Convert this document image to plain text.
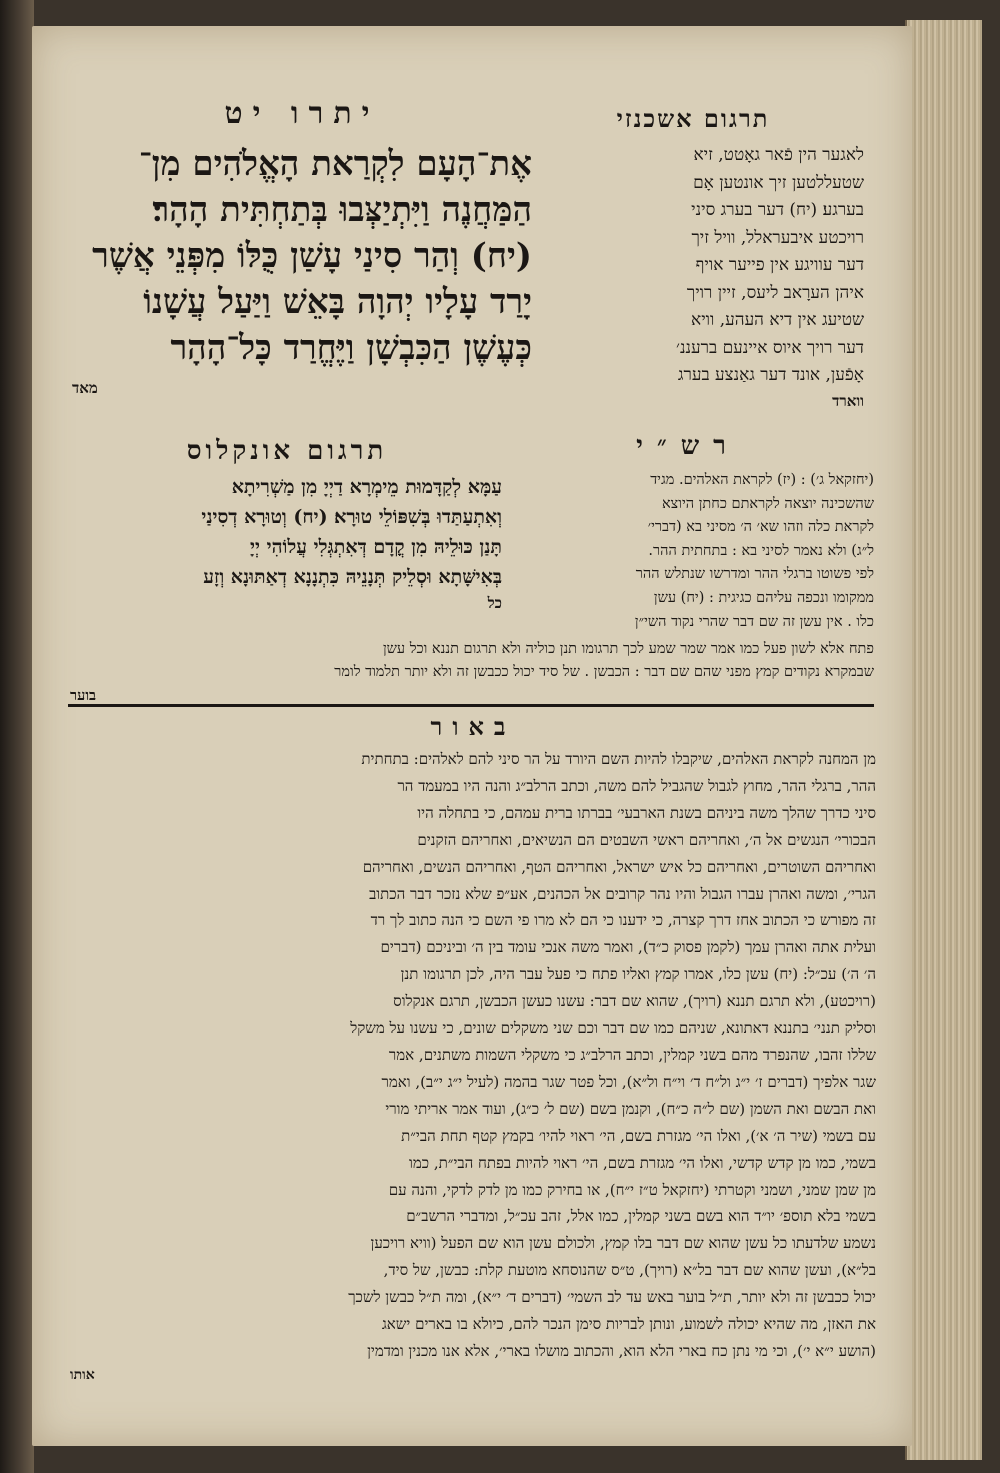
יתרו יט
אֶת־הָעָם לִקְרַאת הָאֱלֹהִים מִן־
הַמַּחֲנֶה וַיִּתְיַצְּבוּ בְּתַחְתִּית הָהָר׃
(יח) וְהַר סִינַי עָשַׁן כֻּלּוֹ מִפְּנֵי אֲשֶׁר
יָרַד עָלָיו יְהוָה בָּאֵשׁ וַיַּעַל עֲשָׁנוֹ
כְּעֶשֶׁן הַכִּבְשָׁן וַיֶּחֱרַד כָּל־הָהָר
מאד
תרגום אשכנזי
לאגער הין פֿאר גאָטט, זיא
שטעללטען זיך אונטען אָם
בערגע׃ (יח) דער בערג סיני
רויכטע איבעראלל, וויל זיך
דער עוויגע אין פייער אויף
איהן הערָאב ליעס, זיין רויך
שטיעג אין דיא העהע, וויא
דער רויך איוס איינעם ברעננ׳
אָפֿען, אונד דער גאַנצע בערג
ווארד
תרגום אונקלוס
עַמָּא לְקַדָּמוּת מֵימְרָא דַיְיָ מִן מַשְׁרִיתָא
וְאִתְעַתַּדוּ בְּשִׁפּוֹלֵי טוּרָא׃ (יח) וְטוּרָא דְסִינַי
תָּנַן כּוּלֵיהּ מִן קֳדָם דְּאִתְגְּלִי עֲלוֹהִי יְיָ
בְּאִישָּׁתָא וּסְלֵיק תְּנָנֵיהּ כִּתְנָנָא דְאַתּוּנָא וְזָע
כל
רש״י
(יחזקאל ג׳) : (יז) לקראת האלהים. מגיד
שהשכינה יוצאה לקראתם כחתן היוצא
לקראת כלה וזהו שא׳ ה׳ מסיני בא (דברי׳
ל״ג) ולא נאמר לסיני בא : בתחתית ההר.
לפי פשוטו ברגלי ההר ומדרשו שנתלש ההר
ממקומו ונכפה עליהם כגיגית : (יח) עשן
כלו . אין עשן זה שם דבר שהרי נקוד השי״ן
פתח אלא לשון פעל כמו אמר שמר שמע לכך תרגומו תנן כוליה ולא תרגום תננא וכל עשן
שבמקרא נקודים קמץ מפני שהם שם דבר : הכבשן . של סיד יכול ככבשן זה ולא יותר תלמוד לומר
בוער
באור
מן המחנה לקראת האלהים, שיקבלו להיות השם היורד על הר סיני להם לאלהים: בתחתית
ההר, ברגלי ההר, מחוץ לגבול שהגביל להם משה, וכתב הרלב״ג והנה היו במעמד הר
סיני כדרך שהלך משה ביניהם בשנת הארבעי׳ בברתו ברית עמהם, כי בתחלה היו
הבכורי׳ הנגשים אל ה׳, ואחריהם ראשי השבטים הם הנשיאים, ואחריהם הזקנים
ואחריהם השוטרים, ואחריהם כל איש ישראל, ואחריהם הטף, ואחריהם הנשים, ואחריהם
הגרי׳, ומשה ואהרן עברו הגבול והיו נהר קרובים אל הכהנים, אע״פ שלא נזכר דבר הכתוב
זה מפורש כי הכתוב אחז דרך קצרה, כי ידענו כי הם לא מרו פי השם כי הנה כתוב לך רד
ועלית אתה ואהרן עמך (לקמן פסוק כ״ד), ואמר משה אנכי עומד בין ה׳ וביניכם (דברים
ה׳ ה׳) עכ״ל: (יח) עשן כלו, אמרו קמץ ואליו פתח כי פעל עבר היה, לכן תרגומו תנן
(רויכטע), ולא תרגם תננא (רויך), שהוא שם דבר: עשנו כעשן הכבשן, תרגם אנקלוס
וסליק תנני׳ בתננא דאתונא, שניהם כמו שם דבר וכם שני משקלים שונים, כי עשנו על משקל
שללו זהבו, שהנפרד מהם בשני קמלין, וכתב הרלב״ג כי משקלי השמות משתנים, אמר
שגר אלפיך (דברים ז׳ י״ג ול״ח ד׳ וי״ח ול״א), וכל פטר שגר בהמה (לעיל י״ג י״ב), ואמר
ואת הבשם ואת השמן (שם ל״ה כ״ח), וקנמן בשם (שם ל׳ כ״ג), ועוד אמר אריתי מורי
עם בשמי (שיר ה׳ א׳), ואלו הי׳ מגזרת בשם, הי׳ ראוי להיו׳ בקמץ קטף תחת הבי״ת
בשמי, כמו מן קדש קדשי, ואלו הי׳ מגזרת בשם, הי׳ ראוי להיות בפתח הבי״ת, כמו
מן שמן שמני, ושמני וקטרתי (יחזקאל ט״ז י״ח), או בחירק כמו מן לדק לדקי, והנה עם
בשמי בלא תוספ׳ יו״ד הוא בשם בשני קמלין, כמו אלל, זהב עכ״ל, ומדברי הרשב״ם
נשמע שלדעתו כל עשן שהוא שם דבר בלו קמץ, ולכולם עשן הוא שם הפעל (וויא רויכען
בל״א), ועשן שהוא שם דבר בל״א (רויך), ט״ס שהנוסחא מוטעת קלת: כבשן, של סיד,
יכול ככבשן זה ולא יותר, ת״ל בוער באש עד לב השמי׳ (דברים ד׳ י״א), ומה ת״ל כבשן לשכך
את האזן, מה שהיא יכולה לשמוע, ונותן לבריות סימן הנכר להם, כיולא בו בארים ישאג
(הושע י״א י׳), וכי מי נתן כח בארי הלא הוא, והכתוב מושלו בארי׳, אלא אנו מכנין ומדמין
אותו
